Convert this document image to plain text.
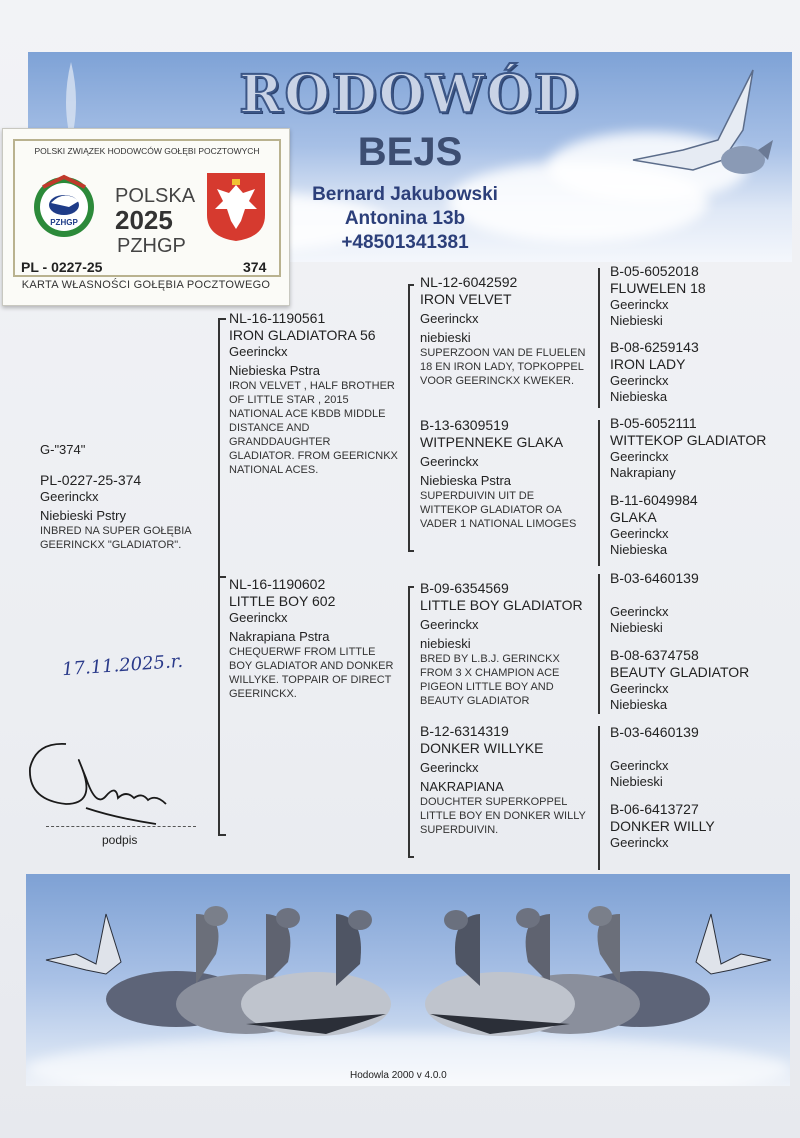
RODOWÓD
BEJS
Bernard Jakubowski
Antonina 13b
+48501341381
POLSKI ZWIĄZEK HODOWCÓW GOŁĘBI POCZTOWYCH
PZHGP
POLSKA
2025
PZHGP
PL - 0227-25	374
KARTA WŁASNOŚCI GOŁĘBIA POCZTOWEGO
G-"374"
PL-0227-25-374
Geerinckx
Niebieski Pstry
INBRED NA SUPER GOŁĘBIA GEERINCKX "GLADIATOR".
NL-16-1190561
IRON GLADIATORA 56
Geerinckx
Niebieska Pstra
IRON VELVET , HALF BROTHER OF LITTLE STAR , 2015 NATIONAL ACE KBDB MIDDLE DISTANCE AND GRANDDAUGHTER GLADIATOR. FROM GEERICNKX NATIONAL ACES.
NL-16-1190602
LITTLE BOY 602
Geerinckx
Nakrapiana Pstra
CHEQUERWF FROM LITTLE BOY GLADIATOR AND DONKER WILLYKE. TOPPAIR OF DIRECT GEERINCKX.
NL-12-6042592
IRON VELVET
Geerinckx
niebieski
SUPERZOON VAN DE FLUELEN 18 EN IRON LADY, TOPKOPPEL VOOR GEERINCKX KWEKER.
B-13-6309519
WITPENNEKE GLAKA
Geerinckx
Niebieska Pstra
SUPERDUIVIN UIT DE WITTEKOP GLADIATOR OA VADER 1 NATIONAL LIMOGES
B-09-6354569
LITTLE BOY GLADIATOR
Geerinckx
niebieski
BRED BY L.B.J. GERINCKX FROM 3 X CHAMPION ACE PIGEON LITTLE BOY AND BEAUTY GLADIATOR
B-12-6314319
DONKER WILLYKE
Geerinckx
NAKRAPIANA
DOUCHTER SUPERKOPPEL LITTLE BOY EN DONKER WILLY SUPERDUIVIN.
B-05-6052018
FLUWELEN 18
Geerinckx
Niebieski
B-08-6259143
IRON LADY
Geerinckx
Niebieska
B-05-6052111
WITTEKOP GLADIATOR
Geerinckx
Nakrapiany
B-11-6049984
GLAKA
Geerinckx
Niebieska
B-03-6460139
Geerinckx
Niebieski
B-08-6374758
BEAUTY GLADIATOR
Geerinckx
Niebieska
B-03-6460139
Geerinckx
Niebieski
B-06-6413727
DONKER WILLY
Geerinckx
17.11.2025.r.
podpis
Hodowla 2000 v 4.0.0
